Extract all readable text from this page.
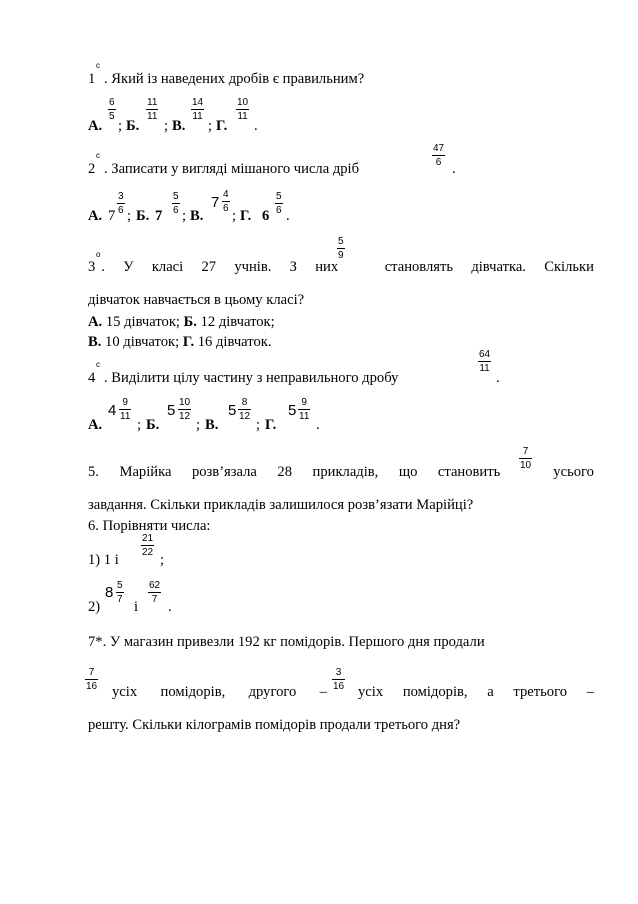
1
c
. Який із наведених дробів є правильним?
А.
6
5
; Б.
11
11
; В.
14
11
; Г.
10
11
.
2
c
. Записати у вигляді мішаного числа дріб
47
6 .
А. 7
3
6 ; Б. 7
5
6 ; В.
7 4
6 ; Г. 6
5
6 .
o
5
9
3 . У класі 27 учнів. З них	становлять дівчатка. Скільки
дівчаток навчається в цьому класі?
А. 15 дівчаток; Б. 12 дівчаток;
В. 10 дівчаток; Г. 16 дівчаток.
4
c
. Виділити цілу частину з неправильного дробу
64
11
.
А.
4 9
11
; Б.
5 10
12
; В.
5 8
12
; Г.
5 9
11
.
7
10
5. Марійка розв’язала 28 прикладів, що становить	усього
завдання. Скільки прикладів залишилося розв’язати Марійці?
6. Порівняти числа:
1) 1 і
21
22 ;
2)
8 5
7 і
62
7 .
7*. У магазин привезли 192 кг помідорів. Першого дня продали
7
16 усіх помідорів, другого –
3
16 усіх помідорів, а третього –
решту. Скільки кілограмів помідорів продали третього дня?
